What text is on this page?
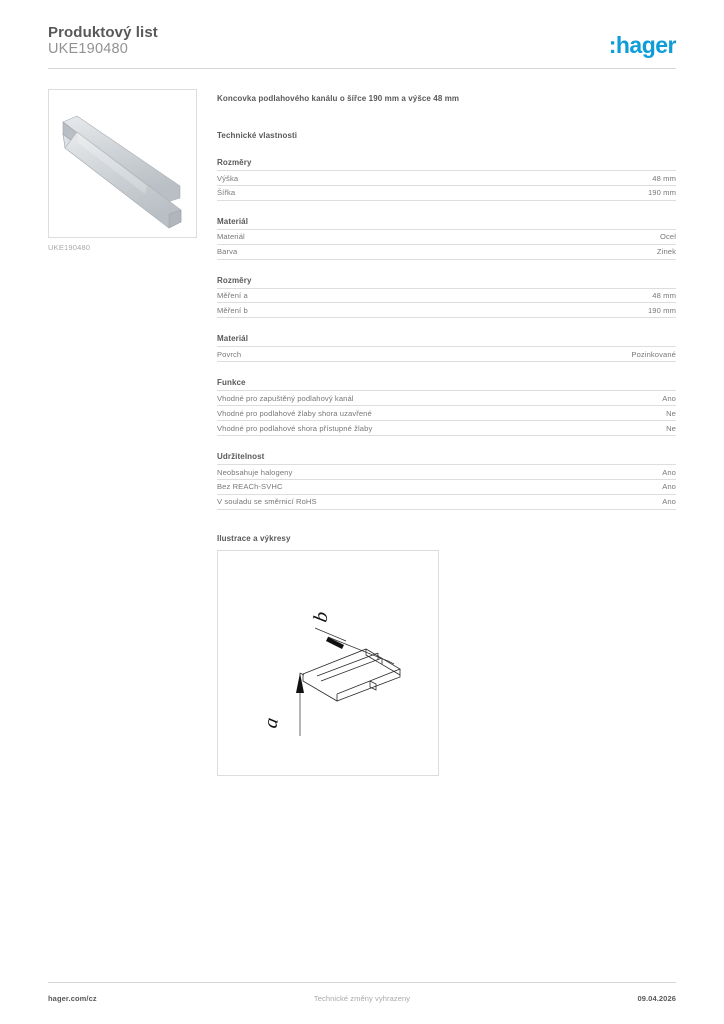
Produktový list

UKE190480	:hager
UKE190480

Koncovka podlahového kanálu o šířce 190 mm a výšce 48 mm

Technické vlastnosti

Rozměry
Výška	48 mm
Šířka	190 mm
Materiál
Materiál	Ocel
Barva	Zinek
Rozměry
Měření a	48 mm
Měření b	190 mm
Materiál
Povrch	Pozinkované
Funkce
Vhodné pro zapuštěný podlahový kanál	Ano
Vhodné pro podlahové žlaby shora uzavřené	Ne
Vhodné pro podlahové shora přístupné žlaby	Ne
Udržitelnost
Neobsahuje halogeny	Ano
Bez REACh-SVHC	Ano
V souladu se směrnicí RoHS	Ano
Ilustrace a výkresy
b
a
hager.com/cz	Technické změny vyhrazeny	09.04.2026
